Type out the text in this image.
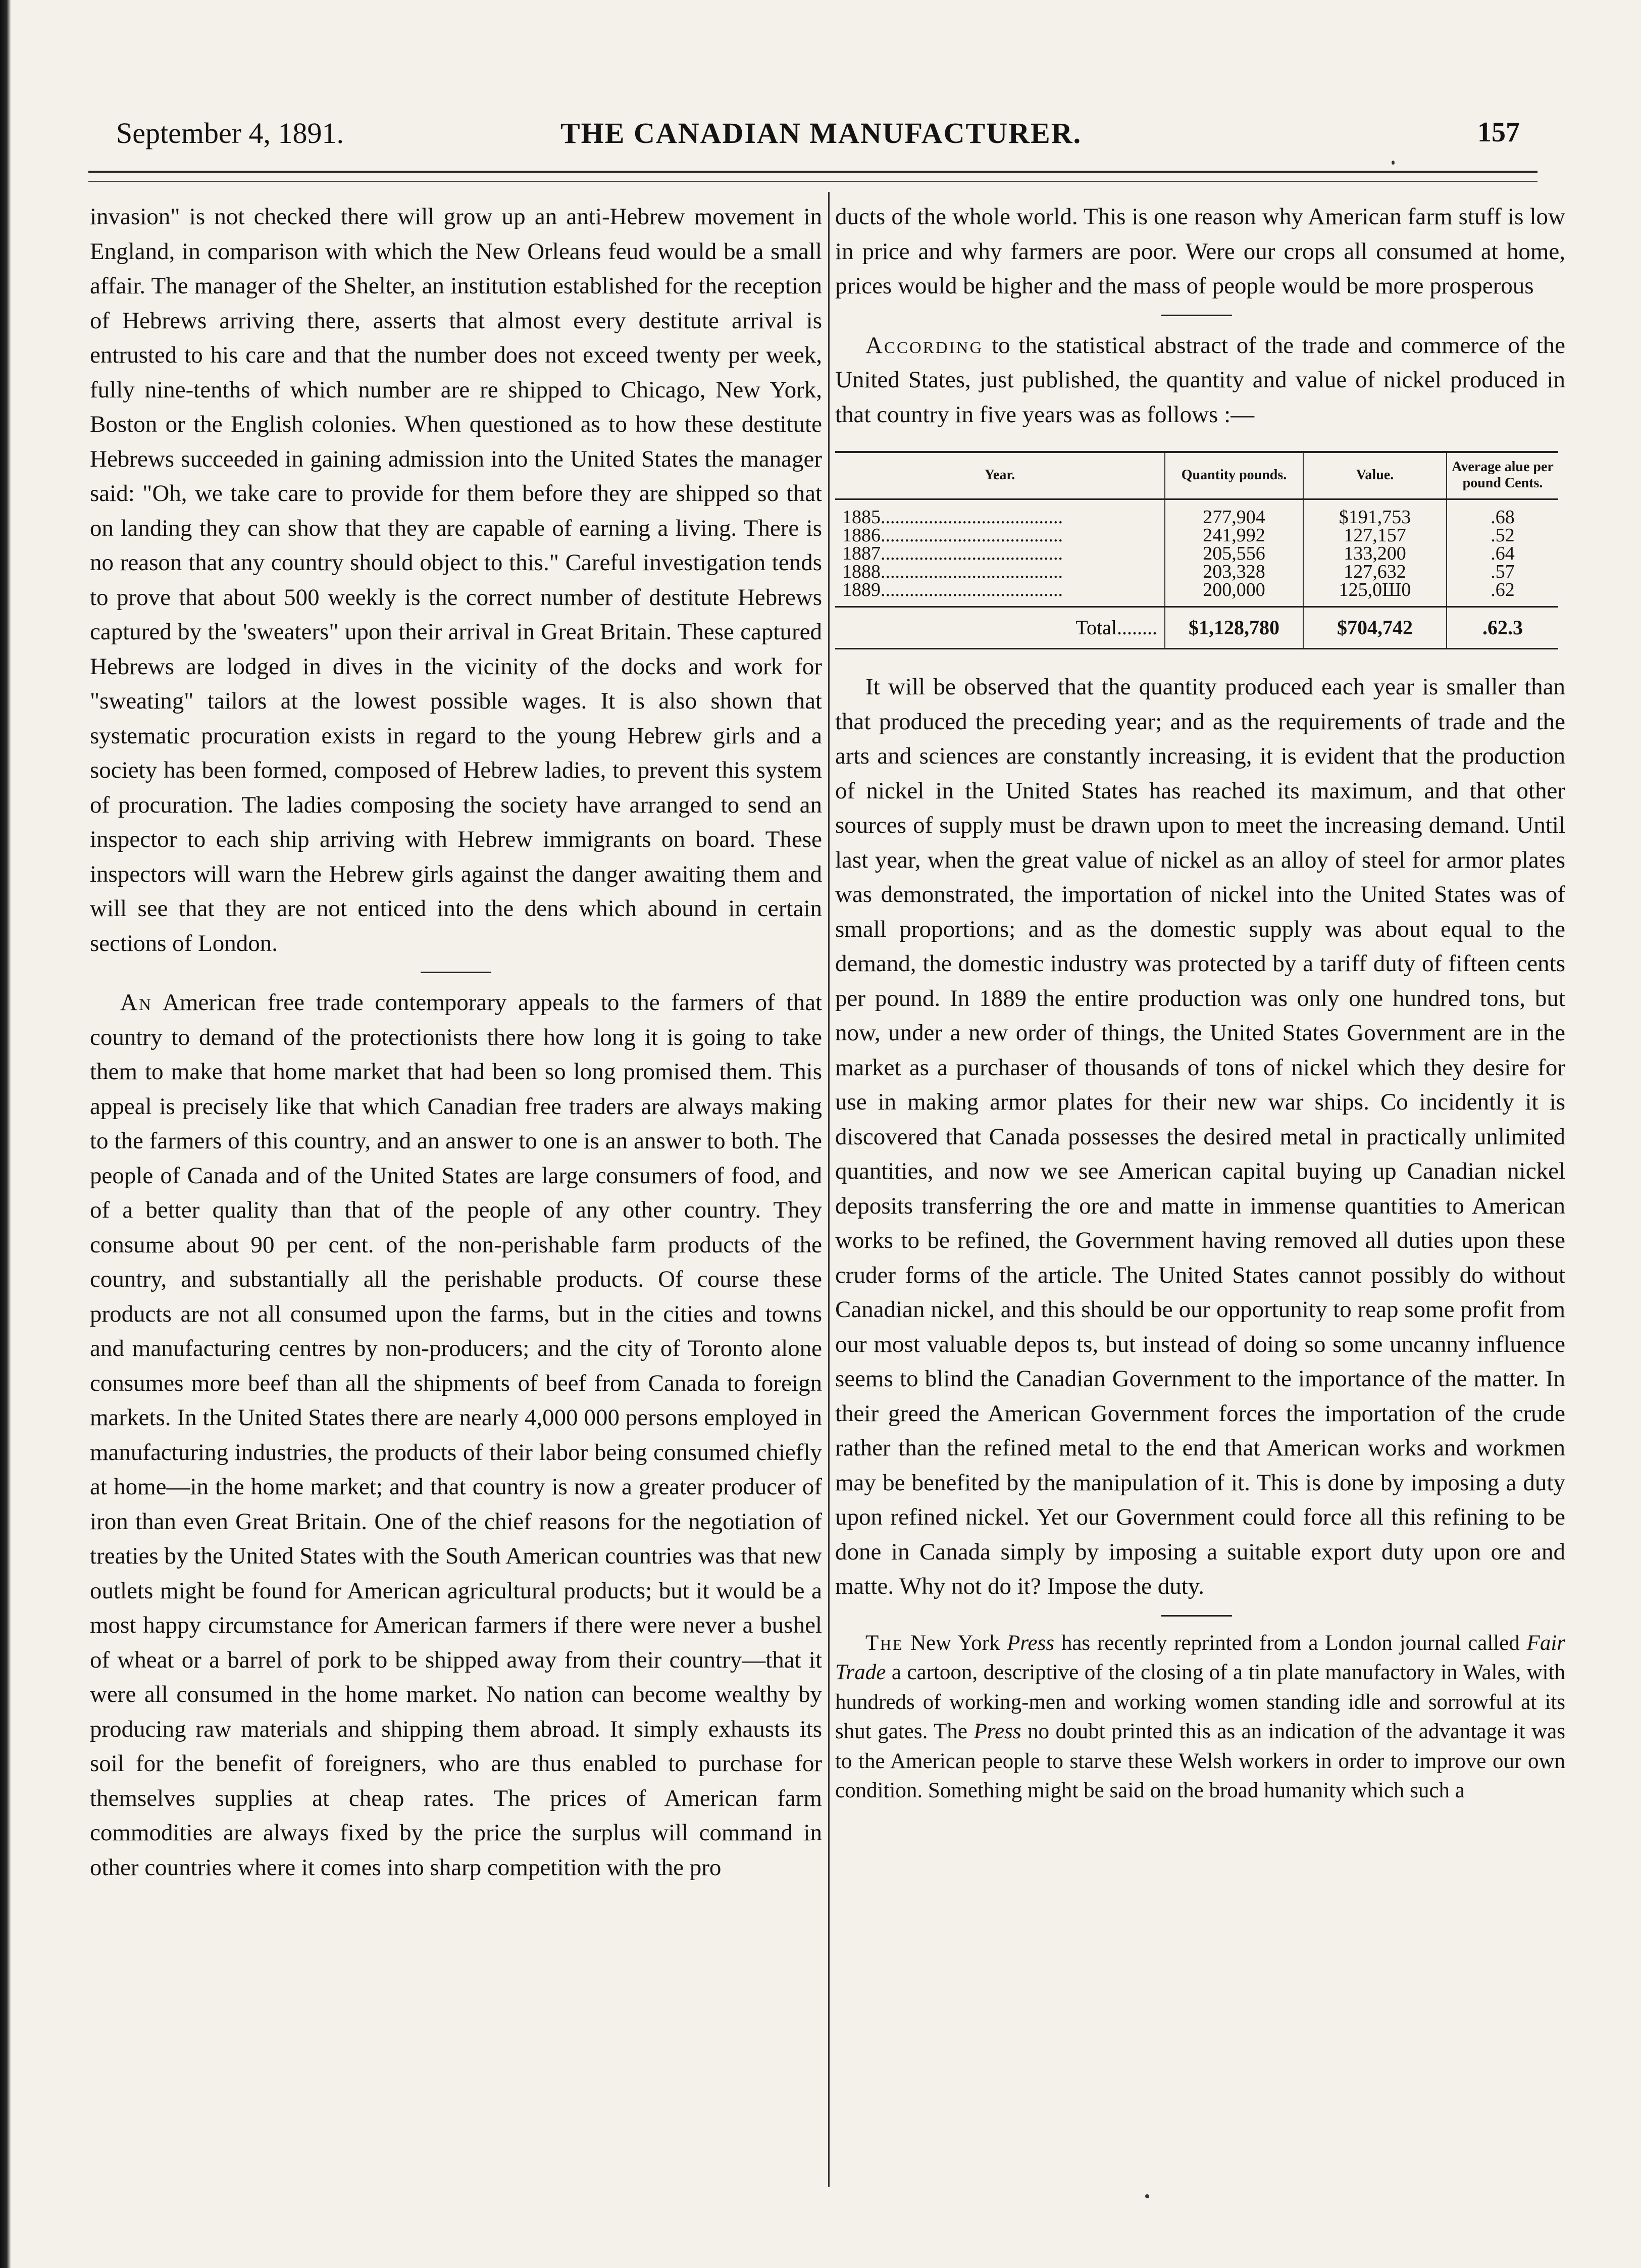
September 4, 1891.	THE CANADIAN MANUFACTURER.	157

invasion" is not checked there will grow up an anti-Hebrew movement in England, in comparison with which the New Orleans feud would be a small affair. The manager of the Shelter, an institution established for the reception of Hebrews arriving there, asserts that almost every destitute arrival is entrusted to his care and that the number does not exceed twenty per week, fully nine-tenths of which number are re shipped to Chicago, New York, Boston or the English colonies. When questioned as to how these destitute Hebrews succeeded in gaining admission into the United States the manager said: "Oh, we take care to provide for them before they are shipped so that on landing they can show that they are capable of earning a living. There is no reason that any country should object to this." Careful investigation tends to prove that about 500 weekly is the correct number of destitute Hebrews captured by the 'sweaters" upon their arrival in Great Britain. These captured Hebrews are lodged in dives in the vicinity of the docks and work for "sweating" tailors at the lowest possible wages. It is also shown that systematic procuration exists in regard to the young Hebrew girls and a society has been formed, composed of Hebrew ladies, to prevent this system of procuration. The ladies composing the society have arranged to send an inspector to each ship arriving with Hebrew immigrants on board. These inspectors will warn the Hebrew girls against the danger awaiting them and will see that they are not enticed into the dens which abound in certain sections of London.

An American free trade contemporary appeals to the farmers of that country to demand of the protectionists there how long it is going to take them to make that home market that had been so long promised them. This appeal is precisely like that which Canadian free traders are always making to the farmers of this country, and an answer to one is an answer to both. The people of Canada and of the United States are large consumers of food, and of a better quality than that of the people of any other country. They consume about 90 per cent. of the non-perishable farm products of the country, and substantially all the perishable products. Of course these products are not all consumed upon the farms, but in the cities and towns and manufacturing centres by non-producers; and the city of Toronto alone consumes more beef than all the shipments of beef from Canada to foreign markets. In the United States there are nearly 4,000 000 persons employed in manufacturing industries, the products of their labor being consumed chiefly at home—in the home market; and that country is now a greater producer of iron than even Great Britain. One of the chief reasons for the negotiation of treaties by the United States with the South American countries was that new outlets might be found for American agricultural products; but it would be a most happy circumstance for American farmers if there were never a bushel of wheat or a barrel of pork to be shipped away from their country—that it were all consumed in the home market. No nation can become wealthy by producing raw materials and shipping them abroad. It simply exhausts its soil for the benefit of foreigners, who are thus enabled to purchase for themselves supplies at cheap rates. The prices of American farm commodities are always fixed by the price the surplus will command in other countries where it comes into sharp competition with the pro

ducts of the whole world. This is one reason why American farm stuff is low in price and why farmers are poor. Were our crops all consumed at home, prices would be higher and the mass of people would be more prosperous

According to the statistical abstract of the trade and commerce of the United States, just published, the quantity and value of nickel produced in that country in five years was as follows :—

Year.	Quantity pounds.	Value.	Average alue per pound Cents.
1885......................................	277,904	$191,753	.68
1886......................................	241,992	127,157	.52
1887......................................	205,556	133,200	.64
1888......................................	203,328	127,632	.57
1889......................................	200,000	125,0Ш0	.62
Total........	$1,128,780	$704,742	.62.3

It will be observed that the quantity produced each year is smaller than that produced the preceding year; and as the requirements of trade and the arts and sciences are constantly increasing, it is evident that the production of nickel in the United States has reached its maximum, and that other sources of supply must be drawn upon to meet the increasing demand. Until last year, when the great value of nickel as an alloy of steel for armor plates was demonstrated, the importation of nickel into the United States was of small proportions; and as the domestic supply was about equal to the demand, the domestic industry was protected by a tariff duty of fifteen cents per pound. In 1889 the entire production was only one hundred tons, but now, under a new order of things, the United States Government are in the market as a purchaser of thousands of tons of nickel which they desire for use in making armor plates for their new war ships. Co incidently it is discovered that Canada possesses the desired metal in practically unlimited quantities, and now we see American capital buying up Canadian nickel deposits transferring the ore and matte in immense quantities to American works to be refined, the Government having removed all duties upon these cruder forms of the article. The United States cannot possibly do without Canadian nickel, and this should be our opportunity to reap some profit from our most valuable depos ts, but instead of doing so some uncanny influence seems to blind the Canadian Government to the importance of the matter. In their greed the American Government forces the importation of the crude rather than the refined metal to the end that American works and workmen may be benefited by the manipulation of it. This is done by imposing a duty upon refined nickel. Yet our Government could force all this refining to be done in Canada simply by imposing a suitable export duty upon ore and matte. Why not do it? Impose the duty.

The New York Press has recently reprinted from a London journal called Fair Trade a cartoon, descriptive of the closing of a tin plate manufactory in Wales, with hundreds of working-men and working women standing idle and sorrowful at its shut gates. The Press no doubt printed this as an indication of the advantage it was to the American people to starve these Welsh workers in order to improve our own condition. Something might be said on the broad humanity which such a
